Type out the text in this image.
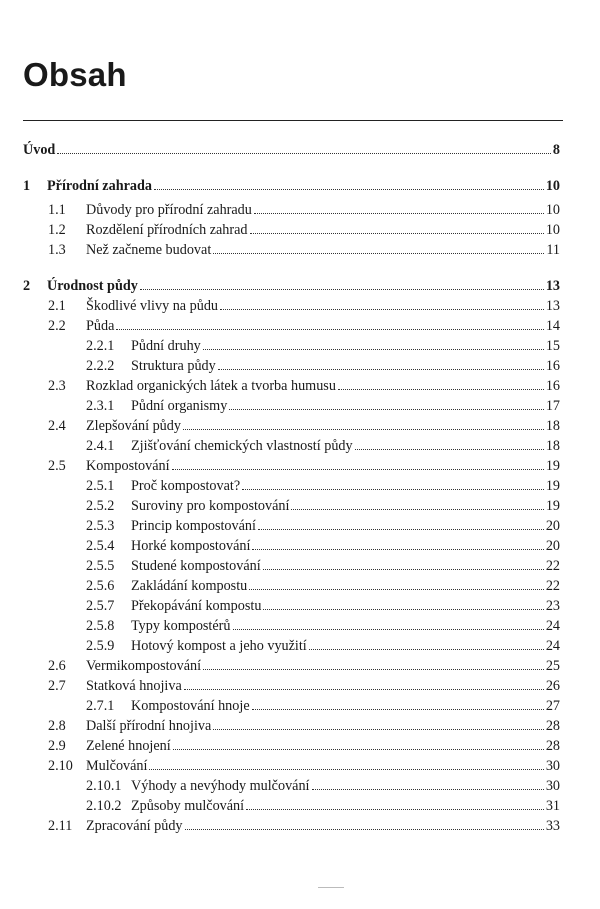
Obsah
Úvod	8
1	Přírodní zahrada	10
1.1	Důvody pro přírodní zahradu	10
1.2	Rozdělení přírodních zahrad	10
1.3	Než začneme budovat	11
2	Úrodnost půdy	13
2.1	Škodlivé vlivy na půdu	13
2.2	Půda	14
2.2.1	Půdní druhy	15
2.2.2	Struktura půdy	16
2.3	Rozklad organických látek a tvorba humusu	16
2.3.1	Půdní organismy	17
2.4	Zlepšování půdy	18
2.4.1	Zjišťování chemických vlastností půdy	18
2.5	Kompostování	19
2.5.1	Proč kompostovat?	19
2.5.2	Suroviny pro kompostování	19
2.5.3	Princip kompostování	20
2.5.4	Horké kompostování	20
2.5.5	Studené kompostování	22
2.5.6	Zakládání kompostu	22
2.5.7	Překopávání kompostu	23
2.5.8	Typy kompostérů	24
2.5.9	Hotový kompost a jeho využití	24
2.6	Vermikompostování	25
2.7	Statková hnojiva	26
2.7.1	Kompostování hnoje	27
2.8	Další přírodní hnojiva	28
2.9	Zelené hnojení	28
2.10 Mulčování	30
2.10.1 Výhody a nevýhody mulčování	30
2.10.2 Způsoby mulčování	31
2.11 Zpracování půdy	33
